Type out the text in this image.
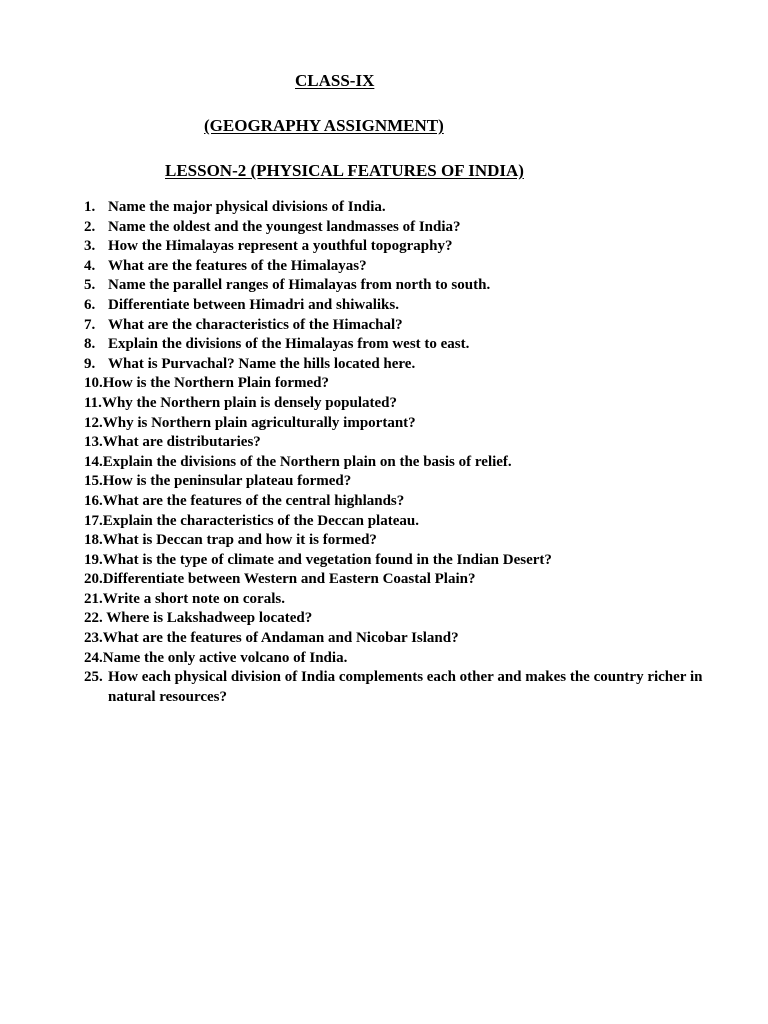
CLASS-IX
(GEOGRAPHY ASSIGNMENT)
LESSON-2 (PHYSICAL FEATURES OF INDIA)
1. Name the major physical divisions of India.
2. Name the oldest and the youngest landmasses of India?
3. How the Himalayas represent a youthful topography?
4. What are the features of the Himalayas?
5. Name the parallel ranges of Himalayas from north to south.
6. Differentiate between Himadri and shiwaliks.
7. What are the characteristics of the Himachal?
8. Explain the divisions of the Himalayas from west to east.
9. What is Purvachal? Name the hills located here.
10. How is the Northern Plain formed?
11. Why the Northern plain is densely populated?
12. Why is Northern plain agriculturally important?
13. What are distributaries?
14. Explain the divisions of the Northern plain on the basis of relief.
15. How is the peninsular plateau formed?
16. What are the features of the central highlands?
17. Explain the characteristics of the Deccan plateau.
18. What is Deccan trap and how it is formed?
19. What is the type of climate and vegetation found in the Indian Desert?
20. Differentiate between Western and Eastern Coastal Plain?
21. Write a short note on corals.
22. Where is Lakshadweep located?
23. What are the features of Andaman and Nicobar Island?
24. Name the only active volcano of India.
25. How each physical division of India complements each other and makes the country richer in natural resources?
